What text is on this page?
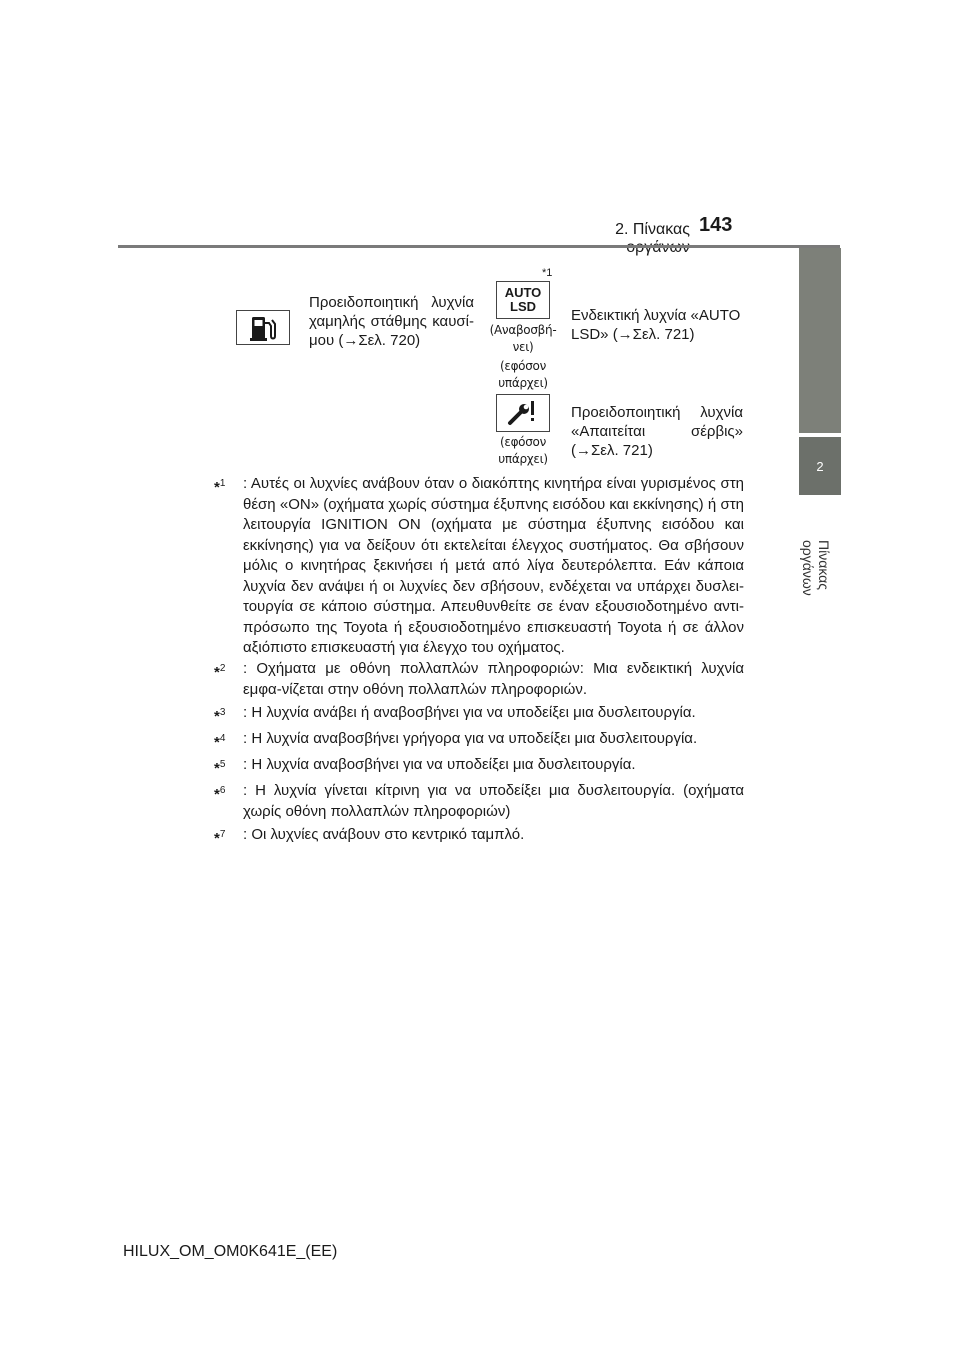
2. Πίνακας 143
2
Πίνακας οργάνων
Προειδοποιητική λυχνία χαμηλής στάθμης καυσί-μου (→Σελ. 720)
*1
AUTO LSD
(Αναβοσβή-νει)
(εφόσον υπάρχει)
Ενδεικτική λυχνία «AUTO LSD» (→Σελ. 721)
(εφόσον υπάρχει)
Προειδοποιητική λυχνία «Απαιτείται σέρβις» (→Σελ. 721)
*$^1$ : Αυτές οι λυχνίες ανάβουν όταν ο διακόπτης κινητήρα είναι γυρισμένος στη θέση «ON» (οχήματα χωρίς σύστημα έξυπνης εισόδου και εκκίνησης) ή στη λειτουργία IGNITION ON (οχήματα με σύστημα έξυπνης εισόδου και εκκίνησης) για να δείξουν ότι εκτελείται έλεγχος συστήματος. Θα σβήσουν μόλις ο κινητήρας ξεκινήσει ή μετά από λίγα δευτερόλεπτα. Εάν κάποια λυχνία δεν ανάψει ή οι λυχνίες δεν σβήσουν, ενδέχεται να υπάρχει δυσλει-τουργία σε κάποιο σύστημα. Απευθυνθείτε σε έναν εξουσιοδοτημένο αντι-πρόσωπο της Toyota ή εξουσιοδοτημένο επισκευαστή Toyota ή σε άλλον αξιόπιστο επισκευαστή για έλεγχο του οχήματος.
*$^2$ : Οχήματα με οθόνη πολλαπλών πληροφοριών: Μια ενδεικτική λυχνία εμφα-νίζεται στην οθόνη πολλαπλών πληροφοριών.
*$^3$ : Η λυχνία ανάβει ή αναβοσβήνει για να υποδείξει μια δυσλειτουργία.
*$^4$ : Η λυχνία αναβοσβήνει γρήγορα για να υποδείξει μια δυσλειτουργία.
*$^5$ : Η λυχνία αναβοσβήνει για να υποδείξει μια δυσλειτουργία.
*$^6$ : Η λυχνία γίνεται κίτρινη για να υποδείξει μια δυσλειτουργία. (οχήματα χωρίς οθόνη πολλαπλών πληροφοριών)
*$^7$ : Οι λυχνίες ανάβουν στο κεντρικό ταμπλό.
HILUX_OM_OM0K641E_(EE)
